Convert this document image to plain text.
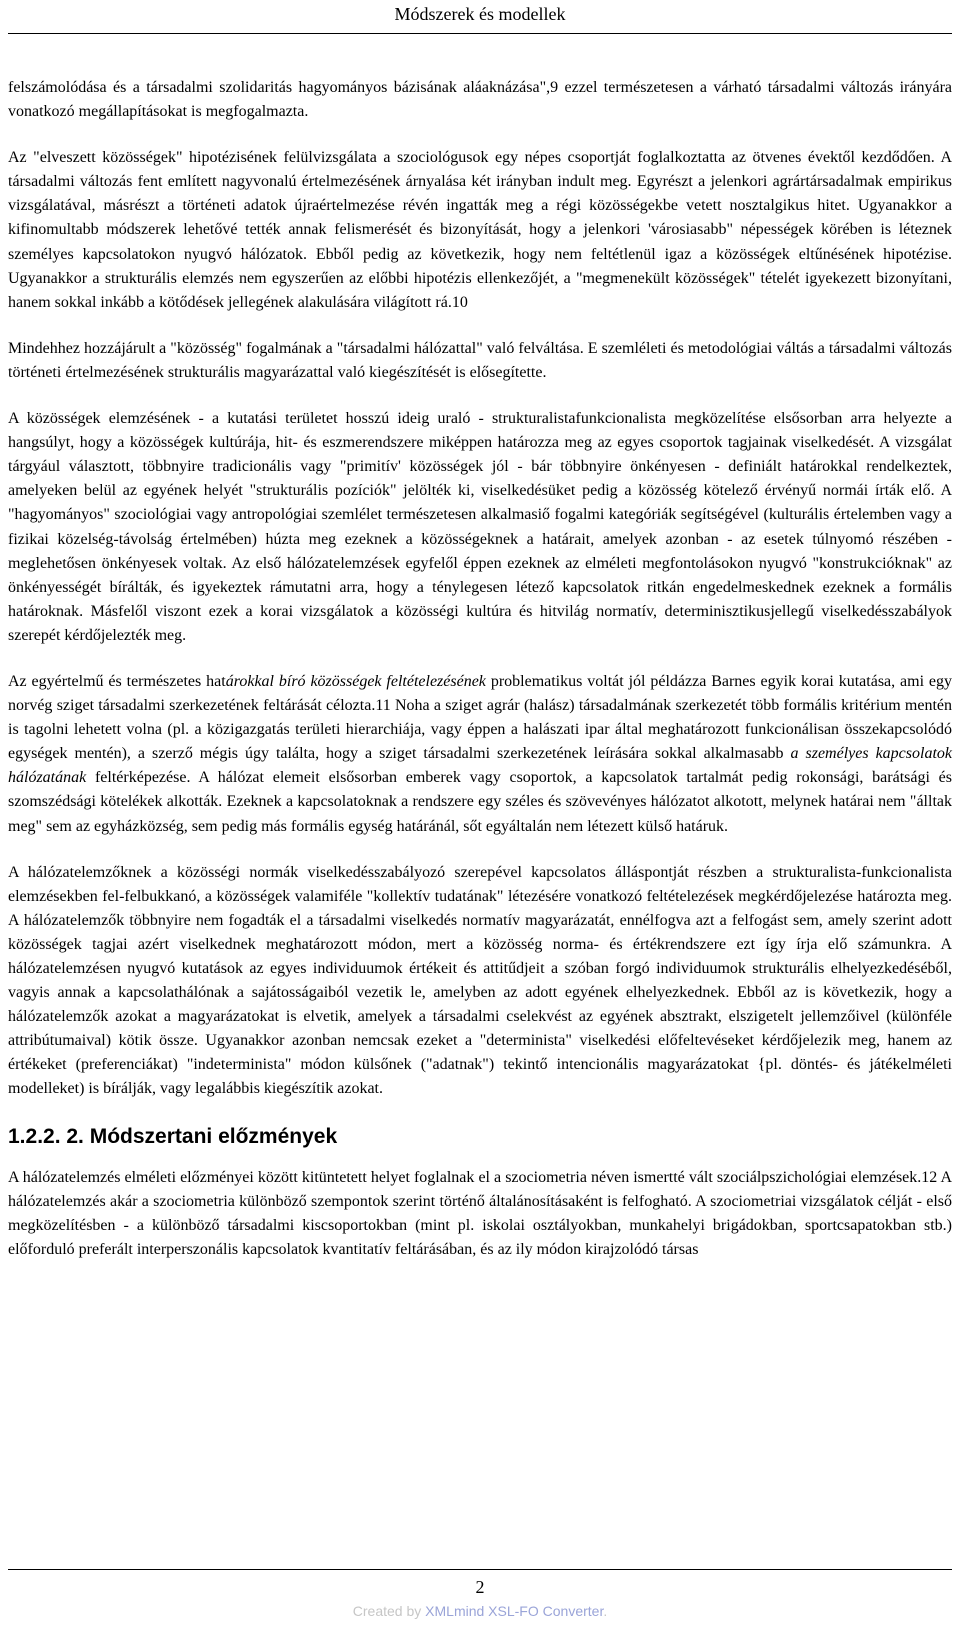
Módszerek és modellek

felszámolódása és a társadalmi szolidaritás hagyományos bázisának aláaknázása",9 ezzel természetesen a várható társadalmi változás irányára vonatkozó megállapításokat is megfogalmazta.

Az "elveszett közösségek" hipotézisének felülvizsgálata a szociológusok egy népes csoportját foglalkoztatta az ötvenes évektől kezdődően. A társadalmi változás fent említett nagyvonalú értelmezésének árnyalása két irányban indult meg. Egyrészt a jelenkori agrártársadalmak empirikus vizsgálatával, másrészt a történeti adatok újraértelmezése révén ingatták meg a régi közösségekbe vetett nosztalgikus hitet. Ugyanakkor a kifinomultabb módszerek lehetővé tették annak felismerését és bizonyítását, hogy a jelenkori 'városiasabb" népességek körében is léteznek személyes kapcsolatokon nyugvó hálózatok. Ebből pedig az következik, hogy nem feltétlenül igaz a közösségek eltűnésének hipotézise. Ugyanakkor a strukturális elemzés nem egyszerűen az előbbi hipotézis ellenkezőjét, a "megmenekült közösségek" tételét igyekezett bizonyítani, hanem sokkal inkább a kötődések jellegének alakulására világított rá.10

Mindehhez hozzájárult a "közösség" fogalmának a "társadalmi hálózattal" való felváltása. E szemléleti és metodológiai váltás a társadalmi változás történeti értelmezésének strukturális magyarázattal való kiegészítését is elősegítette.

A közösségek elemzésének - a kutatási területet hosszú ideig uraló - strukturalistafunkcionalista megközelítése elsősorban arra helyezte a hangsúlyt, hogy a közösségek kultúrája, hit- és eszmerendszere miképpen határozza meg az egyes csoportok tagjainak viselkedését. A vizsgálat tárgyául választott, többnyire tradicionális vagy "primitív' közösségek jól - bár többnyire önkényesen - definiált határokkal rendelkeztek, amelyeken belül az egyének helyét "strukturális pozíciók" jelölték ki, viselkedésüket pedig a közösség kötelező érvényű normái írták elő. A "hagyományos" szociológiai vagy antropológiai szemlélet természetesen alkalmasiő fogalmi kategóriák segítségével (kulturális értelemben vagy a fizikai közelség-távolság értelmében) húzta meg ezeknek a közösségeknek a határait, amelyek azonban - az esetek túlnyomó részében - meglehetősen önkényesek voltak. Az első hálózatelemzések egyfelől éppen ezeknek az elméleti megfontolásokon nyugvó "konstrukcióknak" az önkényességét bírálták, és igyekeztek rámutatni arra, hogy a ténylegesen létező kapcsolatok ritkán engedelmeskednek ezeknek a formális határoknak. Másfelől viszont ezek a korai vizsgálatok a közösségi kultúra és hitvilág normatív, determinisztikusjellegű viselkedésszabályok szerepét kérdőjelezték meg.

Az egyértelmű és természetes határokkal bíró közösségek feltételezésének problematikus voltát jól példázza Barnes egyik korai kutatása, ami egy norvég sziget társadalmi szerkezetének feltárását célozta.11 Noha a sziget agrár (halász) társadalmának szerkezetét több formális kritérium mentén is tagolni lehetett volna (pl. a közigazgatás területi hierarchiája, vagy éppen a halászati ipar által meghatározott funkcionálisan összekapcsolódó egységek mentén), a szerző mégis úgy találta, hogy a sziget társadalmi szerkezetének leírására sokkal alkalmasabb a személyes kapcsolatok hálózatának feltérképezése. A hálózat elemeit elsősorban emberek vagy csoportok, a kapcsolatok tartalmát pedig rokonsági, barátsági és szomszédsági kötelékek alkották. Ezeknek a kapcsolatoknak a rendszere egy széles és szövevényes hálózatot alkotott, melynek határai nem "álltak meg" sem az egyházközség, sem pedig más formális egység határánál, sőt egyáltalán nem létezett külső határuk.

A hálózatelemzőknek a közösségi normák viselkedésszabályozó szerepével kapcsolatos álláspontját részben a strukturalista-funkcionalista elemzésekben fel-felbukkanó, a közösségek valamiféle "kollektív tudatának" létezésére vonatkozó feltételezések megkérdőjelezése határozta meg. A hálózatelemzők többnyire nem fogadták el a társadalmi viselkedés normatív magyarázatát, ennélfogva azt a felfogást sem, amely szerint adott közösségek tagjai azért viselkednek meghatározott módon, mert a közösség norma- és értékrendszere ezt így írja elő számunkra. A hálózatelemzésen nyugvó kutatások az egyes individuumok értékeit és attitűdjeit a szóban forgó individuumok strukturális elhelyezkedéséből, vagyis annak a kapcsolathálónak a sajátosságaiból vezetik le, amelyben az adott egyének elhelyezkednek. Ebből az is következik, hogy a hálózatelemzők azokat a magyarázatokat is elvetik, amelyek a társadalmi cselekvést az egyének absztrakt, elszigetelt jellemzőivel (különféle attribútumaival) kötik össze. Ugyanakkor azonban nemcsak ezeket a "determinista" viselkedési előfeltevéseket kérdőjelezik meg, hanem az értékeket (preferenciákat) "indeterminista" módon külsőnek ("adatnak") tekintő intencionális magyarázatokat {pl. döntés- és játékelméleti modelleket) is bírálják, vagy legalábbis kiegészítik azokat.

1.2.2. 2. Módszertani előzmények

A hálózatelemzés elméleti előzményei között kitüntetett helyet foglalnak el a szociometria néven ismertté vált szociálpszichológiai elemzések.12 A hálózatelemzés akár a szociometria különböző szempontok szerint történő általánosításaként is felfogható. A szociometriai vizsgálatok célját - első megközelítésben - a különböző társadalmi kiscsoportokban (mint pl. iskolai osztályokban, munkahelyi brigádokban, sportcsapatokban stb.) előforduló preferált interperszonális kapcsolatok kvantitatív feltárásában, és az ily módon kirajzolódó társas

2
Created by XMLmind XSL-FO Converter.
